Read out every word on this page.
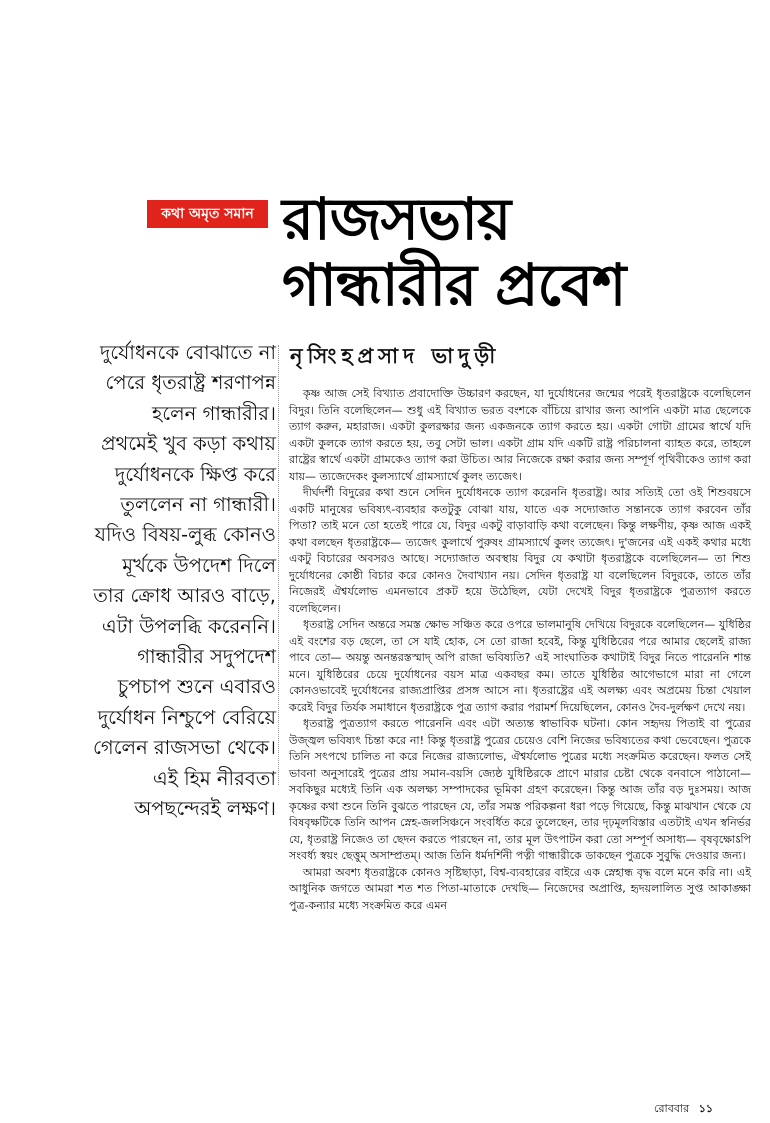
কথা অমৃত সমান রাজসভায়
গান্ধারীর প্রবেশ
নৃসিংহপ্রসাদ ভাদুড়ী
দুর্যোধনকে বোঝাতে না
পেরে ধৃতরাষ্ট্র শরণাপন্ন
হলেন গান্ধারীর।
প্রথমেই খুব কড়া কথায়
দুর্যোধনকে ক্ষিপ্ত করে
তুললেন না গান্ধারী।
যদিও বিষয়-লুব্ধ কোনও
মূর্খকে উপদেশ দিলে
তার ক্রোধ আরও বাড়ে,
এটা উপলব্ধি করেননি।
গান্ধারীর সদুপদেশ
চুপচাপ শুনে এবারও
দুর্যোধন নিশ্চুপে বেরিয়ে
গেলেন রাজসভা থেকে।
এই হিম নীরবতা
অপছন্দেরই লক্ষণ।

কৃষ্ণ আজ সেই বিখ্যাত প্রবাদোক্তি উচ্চারণ করছেন, যা দুর্যোধনের জন্মের পরেই ধৃতরাষ্ট্রকে বলেছিলেন বিদুর। তিনি বলেছিলেন— শুধু এই বিখ্যাত ভরত বংশকে বাঁচিয়ে রাখার জন্য আপনি একটা মাত্র ছেলেকে ত্যাগ করুন, মহারাজ। একটা কুলরক্ষার জন্য একজনকে ত্যাগ করতে হয়। একটা গোটা গ্রামের স্বার্থে যদি একটা কুলকে ত্যাগ করতে হয়, তবু সেটা ভাল। একটা গ্রাম যদি একটি রাষ্ট্র পরিচালনা ব্যাহত করে, তাহলে রাষ্ট্রের স্বার্থে একটা গ্রামকেও ত্যাগ করা উচিত। আর নিজেকে রক্ষা করার জন্য সম্পূর্ণ পৃথিবীকেও ত্যাগ করা যায়— ত্যজেদেকং কুলস্যার্থে গ্রামস্যার্থে কুলং ত্যজেৎ।

দীর্ঘদর্শী বিদুরের কথা শুনে সেদিন দুর্যোধনকে ত্যাগ করেননি ধৃতরাষ্ট্র। আর সত্যিই তো ওই শিশুবয়সে একটি মানুষের ভবিষ্যৎ-ব্যবহার কতটুকু বোঝা যায়, যাতে এক সদ্যোজাত সন্তানকে ত্যাগ করবেন তাঁর পিতা? তাই মনে তো হতেই পারে যে, বিদুর একটু বাড়াবাড়ি কথা বলেছেন। কিন্তু লক্ষণীয়, কৃষ্ণ আজ একই কথা বলছেন ধৃতরাষ্ট্রকে— ত্যজেৎ কুলার্থে পুরুষং গ্রামস্যার্থে কুলং ত্যজেৎ। দু'জনের এই একই কথার মধ্যে একটু বিচারের অবসরও আছে। সদ্যোজাত অবস্থায় বিদুর যে কথাটা ধৃতরাষ্ট্রকে বলেছিলেন— তা শিশু দুর্যোধনের কোষ্ঠী বিচার করে কোনও দৈবাখ্যান নয়। সেদিন ধৃতরাষ্ট্র যা বলেছিলেন বিদুরকে, তাতে তাঁর নিজেরই ঐশ্বর্যলোভ এমনভাবে প্রকট হয়ে উঠেছিল, যেটা দেখেই বিদুর ধৃতরাষ্ট্রকে পুত্রত্যাগ করতে বলেছিলেন।

ধৃতরাষ্ট্র সেদিন অন্তরে সমস্ত ক্ষোভ সঞ্চিত করে ওপরে ভালমানুষি দেখিয়ে বিদুরকে বলেছিলেন— যুধিষ্ঠির এই বংশের বড় ছেলে, তা সে যাই হোক, সে তো রাজা হবেই, কিন্তু যুধিষ্ঠিরের পরে আমার ছেলেই রাজ্য পাবে তো— অয়ন্তু অনন্তরস্তস্মাদ্ অপি রাজা ভবিষ্যতি? এই সাংঘাতিক কথাটাই বিদুর নিতে পারেননি শান্ত মনে। যুধিষ্ঠিরের চেয়ে দুর্যোধনের বয়স মাত্র একবছর কম। তাতে যুধিষ্ঠির আগেভাগে মারা না গেলে কোনওভাবেই দুর্যোধনের রাজ্যপ্রাপ্তির প্রসঙ্গ আসে না। ধৃতরাষ্ট্রের এই অলক্ষ্য এবং অপ্রমেয় চিন্তা খেয়াল করেই বিদুর তির্যক সমাধানে ধৃতরাষ্ট্রকে পুত্র ত্যাগ করার পরামর্শ দিয়েছিলেন, কোনও দৈব-দুর্লক্ষণ দেখে নয়।

ধৃতরাষ্ট্র পুত্রত্যাগ করতে পারেননি এবং এটা অত্যন্ত স্বাভাবিক ঘটনা। কোন সহৃদয় পিতাই বা পুত্রের উজ্জ্বল ভবিষ্যৎ চিন্তা করে না! কিন্তু ধৃতরাষ্ট্র পুত্রের চেয়েও বেশি নিজের ভবিষ্যতের কথা ভেবেছেন। পুত্রকে তিনি সৎপথে চালিত না করে নিজের রাজ্যলোভ, ঐশ্বর্যলোভ পুত্রের মধ্যে সংক্রমিত করেছেন। ফলত সেই ভাবনা অনুসারেই পুত্রের প্রায় সমান-বয়সি জ্যেষ্ঠ যুধিষ্ঠিরকে প্রাণে মারার চেষ্টা থেকে বনবাসে পাঠানো— সবকিছুর মধ্যেই তিনি এক অলক্ষ্য সম্পাদকের ভূমিকা গ্রহণ করেছেন। কিন্তু আজ তাঁর বড় দুঃসময়। আজ কৃষ্ণের কথা শুনে তিনি বুঝতে পারছেন যে, তাঁর সমস্ত পরিকল্পনা ধরা পড়ে গিয়েছে, কিন্তু মাঝখান থেকে যে বিষবৃক্ষটিকে তিনি আপন স্নেহ-জলসিঞ্চনে সংবর্ধিত করে তুলেছেন, তার দৃঢ়মূলবিস্তার এতটাই এখন স্বনির্ভর যে, ধৃতরাষ্ট্র নিজেও তা ছেদন করতে পারছেন না, তার মূল উৎপাটন করা তো সম্পূর্ণ অসাধ্য— বৃষবৃক্ষোऽপি সংবর্ধ্য স্বয়ং ছেত্তুম্ অসাম্প্রতম্। আজ তিনি ধর্মদর্শিনী পত্নী গান্ধারীকে ডাকছেন পুত্রকে সুবুদ্ধি দেওয়ার জন্য।

আমরা অবশ্য ধৃতরাষ্ট্রকে কোনও সৃষ্টিছাড়া, বিশ্ব-ব্যবহারের বাইরে এক স্নেহান্ধ বৃদ্ধ বলে মনে করি না। এই আধুনিক জগতে আমরা শত শত পিতা-মাতাকে দেখছি— নিজেদের অপ্রাপ্তি, হৃদয়লালিত সুপ্ত আকাঙ্ক্ষা পুত্র-কন্যার মধ্যে সংক্রমিত করে এমন

রোববার ১১
